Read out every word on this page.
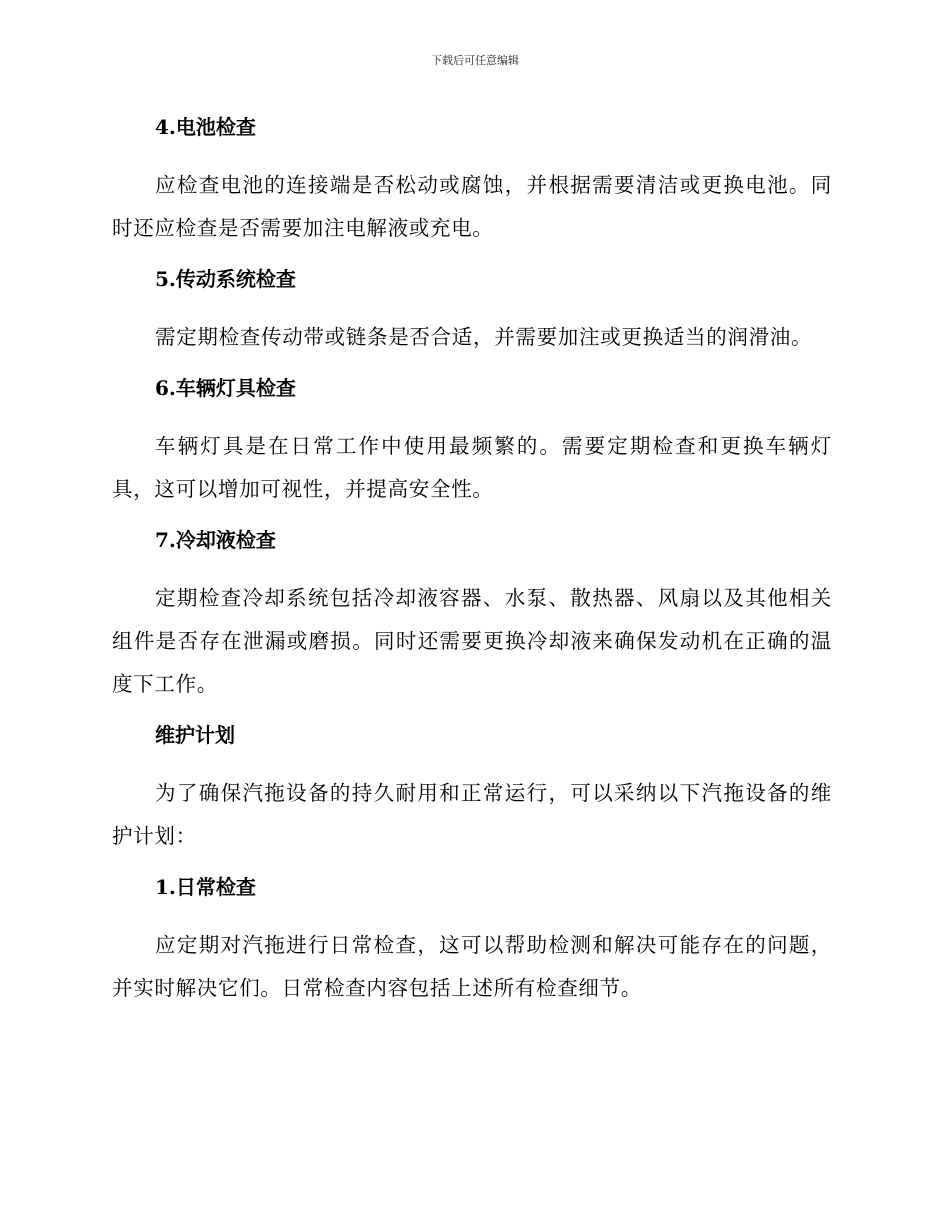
下载后可任意编辑
4.电池检查
应检查电池的连接端是否松动或腐蚀，并根据需要清洁或更换电池。同时还应检查是否需要加注电解液或充电。
5.传动系统检查
需定期检查传动带或链条是否合适，并需要加注或更换适当的润滑油。
6.车辆灯具检查
车辆灯具是在日常工作中使用最频繁的。需要定期检查和更换车辆灯具，这可以增加可视性，并提高安全性。
7.冷却液检查
定期检查冷却系统包括冷却液容器、水泵、散热器、风扇以及其他相关组件是否存在泄漏或磨损。同时还需要更换冷却液来确保发动机在正确的温度下工作。
维护计划
为了确保汽拖设备的持久耐用和正常运行，可以采纳以下汽拖设备的维护计划：
1.日常检查
应定期对汽拖进行日常检查，这可以帮助检测和解决可能存在的问题，并实时解决它们。日常检查内容包括上述所有检查细节。
